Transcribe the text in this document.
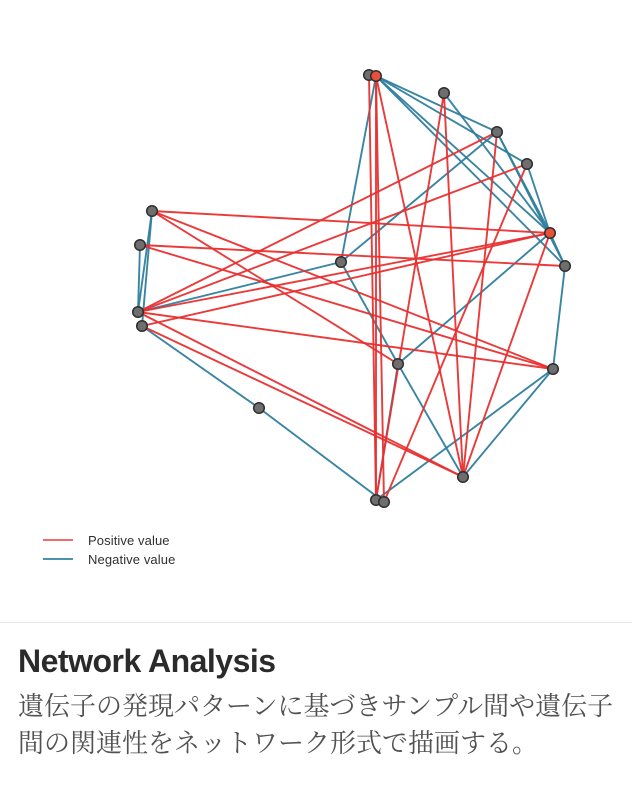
Positive value
Negative value
Network Analysis

遺伝子の発現パターンに基づきサンプル間や遺伝子間の関連性をネットワーク形式で描画する。
